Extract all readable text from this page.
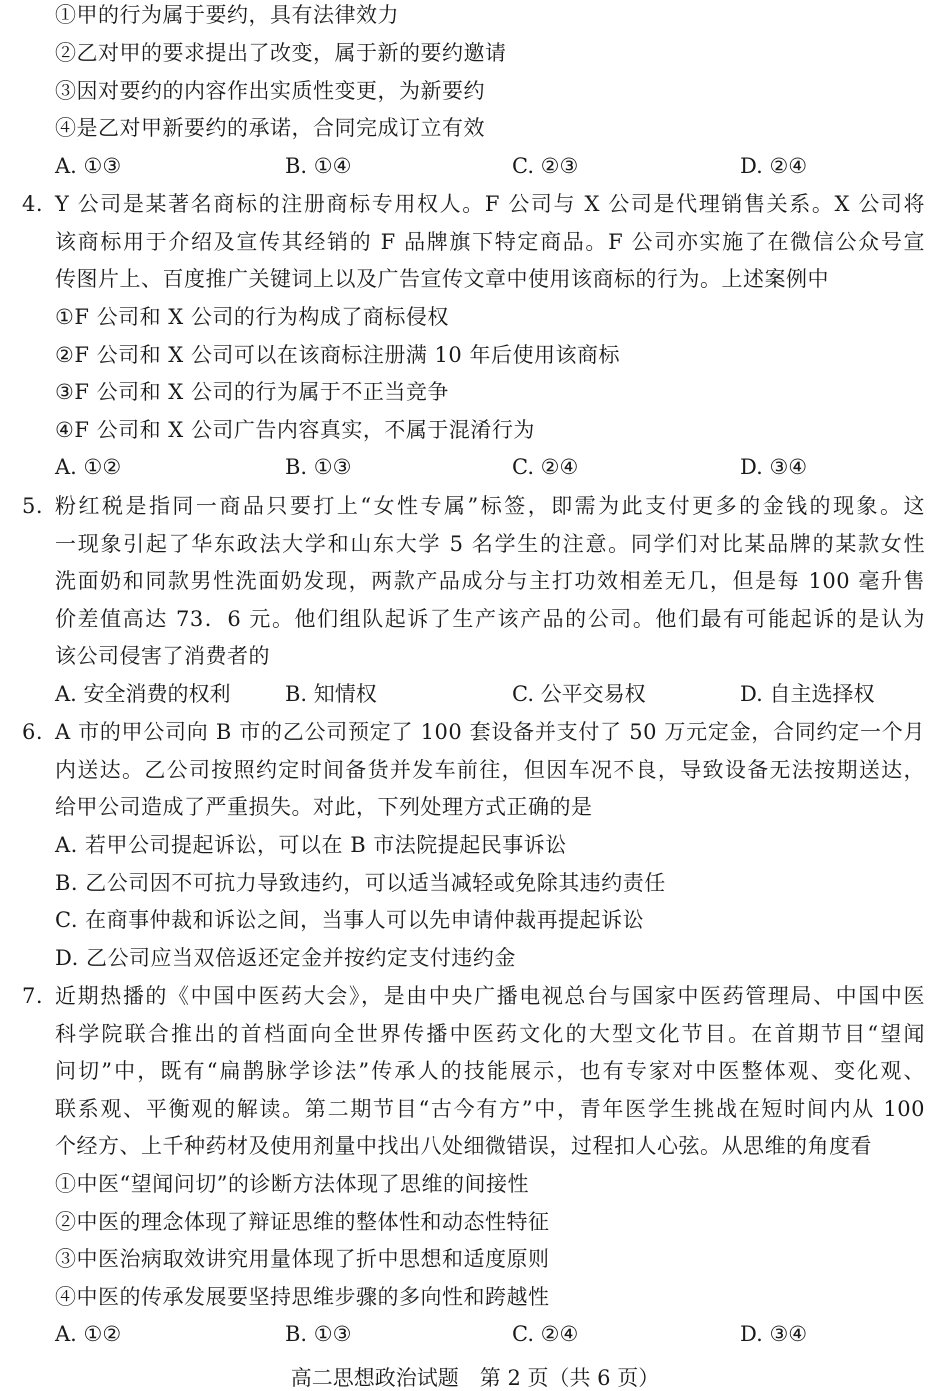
①甲的行为属于要约，具有法律效力
②乙对甲的要求提出了改变，属于新的要约邀请
③因对要约的内容作出实质性变更，为新要约
④是乙对甲新要约的承诺，合同完成订立有效
A. ①③	B. ①④	C. ②③	D. ②④
4. Y 公司是某著名商标的注册商标专用权人。F 公司与 X 公司是代理销售关系。X 公司将
该商标用于介绍及宣传其经销的 F 品牌旗下特定商品。F 公司亦实施了在微信公众号宣
传图片上、百度推广关键词上以及广告宣传文章中使用该商标的行为。上述案例中
①F 公司和 X 公司的行为构成了商标侵权
②F 公司和 X 公司可以在该商标注册满 10 年后使用该商标
③F 公司和 X 公司的行为属于不正当竞争
④F 公司和 X 公司广告内容真实，不属于混淆行为
A. ①②	B. ①③	C. ②④	D. ③④
5. 粉红税是指同一商品只要打上“女性专属”标签，即需为此支付更多的金钱的现象。这
一现象引起了华东政法大学和山东大学 5 名学生的注意。同学们对比某品牌的某款女性
洗面奶和同款男性洗面奶发现，两款产品成分与主打功效相差无几，但是每 100 毫升售
价差值高达 73．6 元。他们组队起诉了生产该产品的公司。他们最有可能起诉的是认为
该公司侵害了消费者的
A. 安全消费的权利	B. 知情权	C. 公平交易权	D. 自主选择权
6. A 市的甲公司向 B 市的乙公司预定了 100 套设备并支付了 50 万元定金，合同约定一个月
内送达。乙公司按照约定时间备货并发车前往，但因车况不良，导致设备无法按期送达，
给甲公司造成了严重损失。对此，下列处理方式正确的是
A. 若甲公司提起诉讼，可以在 B 市法院提起民事诉讼
B. 乙公司因不可抗力导致违约，可以适当减轻或免除其违约责任
C. 在商事仲裁和诉讼之间，当事人可以先申请仲裁再提起诉讼
D. 乙公司应当双倍返还定金并按约定支付违约金
7. 近期热播的《中国中医药大会》，是由中央广播电视总台与国家中医药管理局、中国中医
科学院联合推出的首档面向全世界传播中医药文化的大型文化节目。在首期节目“望闻
问切”中，既有“扁鹊脉学诊法”传承人的技能展示，也有专家对中医整体观、变化观、
联系观、平衡观的解读。第二期节目“古今有方”中，青年医学生挑战在短时间内从 100
个经方、上千种药材及使用剂量中找出八处细微错误，过程扣人心弦。从思维的角度看
①中医“望闻问切”的诊断方法体现了思维的间接性
②中医的理念体现了辩证思维的整体性和动态性特征
③中医治病取效讲究用量体现了折中思想和适度原则
④中医的传承发展要坚持思维步骤的多向性和跨越性
A. ①②	B. ①③	C. ②④	D. ③④
高二思想政治试题　第 2 页（共 6 页）
